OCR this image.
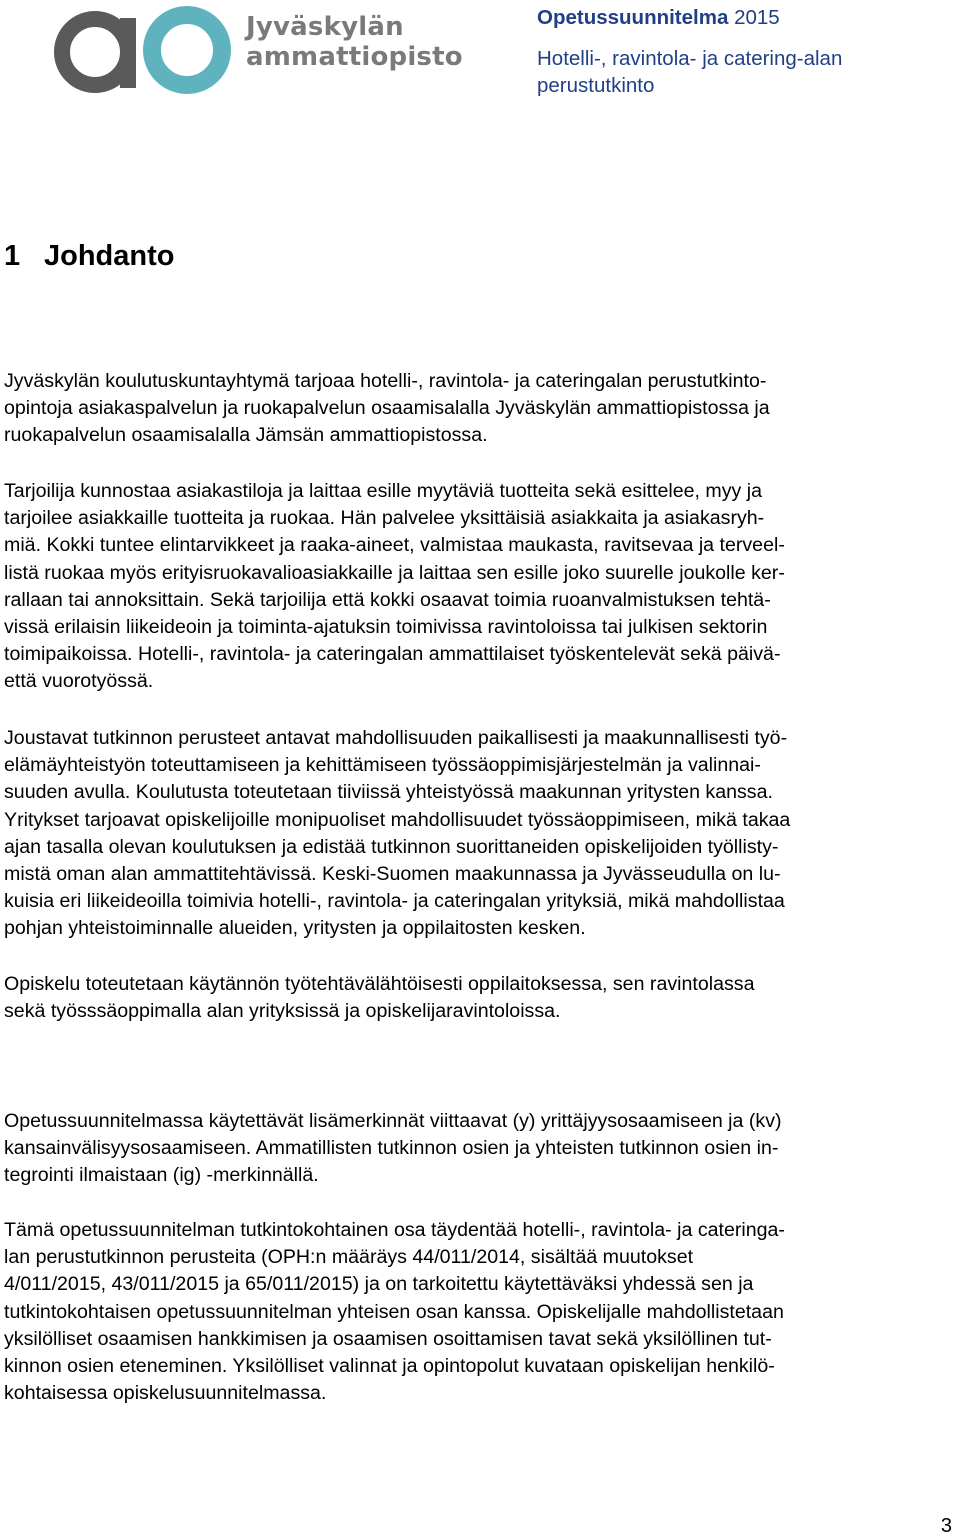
Jyväskylän
ammattiopisto

Opetussuunnitelma 2015

Hotelli-, ravintola- ja catering-alan
perustutkinto

1 Johdanto

Jyväskylän koulutuskuntayhtymä tarjoaa hotelli-, ravintola- ja cateringalan perustutkinto-
opintoja asiakaspalvelun ja ruokapalvelun osaamisalalla Jyväskylän ammattiopistossa ja
ruokapalvelun osaamisalalla Jämsän ammattiopistossa.

Tarjoilija kunnostaa asiakastiloja ja laittaa esille myytäviä tuotteita sekä esittelee, myy ja
tarjoilee asiakkaille tuotteita ja ruokaa. Hän palvelee yksittäisiä asiakkaita ja asiakasryh-
miä. Kokki tuntee elintarvikkeet ja raaka-aineet, valmistaa maukasta, ravitsevaa ja terveel-
listä ruokaa myös erityisruokavalioasiakkaille ja laittaa sen esille joko suurelle joukolle ker-
rallaan tai annoksittain. Sekä tarjoilija että kokki osaavat toimia ruoanvalmistuksen tehtä-
vissä erilaisin liikeideoin ja toiminta-ajatuksin toimivissa ravintoloissa tai julkisen sektorin
toimipaikoissa. Hotelli-, ravintola- ja cateringalan ammattilaiset työskentelevät sekä päivä-
että vuorotyössä.

Joustavat tutkinnon perusteet antavat mahdollisuuden paikallisesti ja maakunnallisesti työ-
elämäyhteistyön toteuttamiseen ja kehittämiseen työssäoppimisjärjestelmän ja valinnai-
suuden avulla. Koulutusta toteutetaan tiiviissä yhteistyössä maakunnan yritysten kanssa.
Yritykset tarjoavat opiskelijoille monipuoliset mahdollisuudet työssäoppimiseen, mikä takaa
ajan tasalla olevan koulutuksen ja edistää tutkinnon suorittaneiden opiskelijoiden työllisty-
mistä oman alan ammattitehtävissä. Keski-Suomen maakunnassa ja Jyvässeudulla on lu-
kuisia eri liikeideoilla toimivia hotelli-, ravintola- ja cateringalan yrityksiä, mikä mahdollistaa
pohjan yhteistoiminnalle alueiden, yritysten ja oppilaitosten kesken.

Opiskelu toteutetaan käytännön työtehtävälähtöisesti oppilaitoksessa, sen ravintolassa
sekä työsssäoppimalla alan yrityksissä ja opiskelijaravintoloissa.

Opetussuunnitelmassa käytettävät lisämerkinnät viittaavat (y) yrittäjyysosaamiseen ja (kv)
kansainvälisyysosaamiseen. Ammatillisten tutkinnon osien ja yhteisten tutkinnon osien in-
tegrointi ilmaistaan (ig) -merkinnällä.

Tämä opetussuunnitelman tutkintokohtainen osa täydentää hotelli-, ravintola- ja cateringa-
lan perustutkinnon perusteita (OPH:n määräys 44/011/2014, sisältää muutokset
4/011/2015, 43/011/2015 ja 65/011/2015) ja on tarkoitettu käytettäväksi yhdessä sen ja
tutkintokohtaisen opetussuunnitelman yhteisen osan kanssa. Opiskelijalle mahdollistetaan
yksilölliset osaamisen hankkimisen ja osaamisen osoittamisen tavat sekä yksilöllinen tut-
kinnon osien eteneminen. Yksilölliset valinnat ja opintopolut kuvataan opiskelijan henkilö-
kohtaisessa opiskelusuunnitelmassa.

3
